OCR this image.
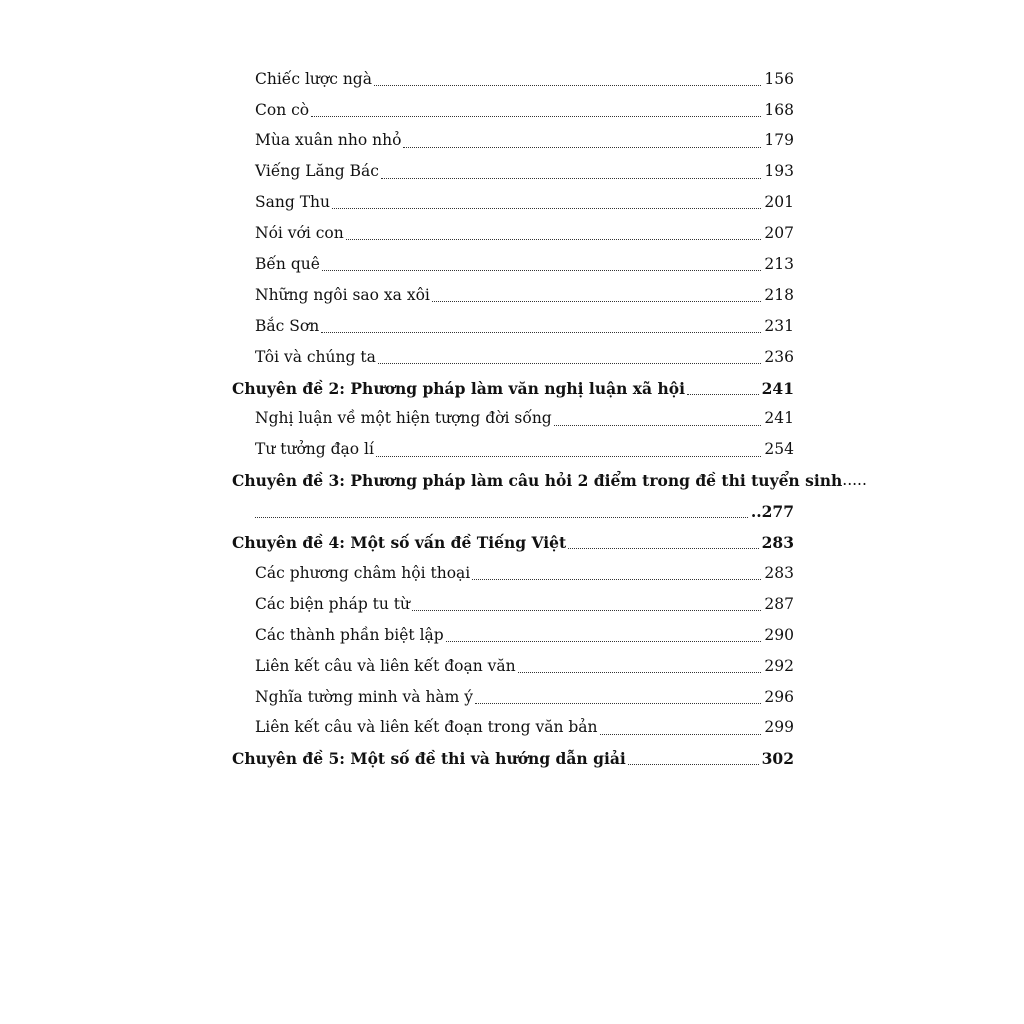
Chiếc lược ngà	156
Con cò	168
Mùa xuân nho nhỏ	179
Viếng Lăng Bác	193
Sang Thu	201
Nói với con	207
Bến quê	213
Những ngôi sao xa xôi	218
Bắc Sơn	231
Tôi và chúng ta	236
Chuyên đề 2: Phương pháp làm văn nghị luận xã hội	241
Nghị luận về một hiện tượng đời sống	241
Tư tưởng đạo lí	254
Chuyên đề 3: Phương pháp làm câu hỏi 2 điểm trong đề thi tuyển sinh .....
..277
Chuyên đề 4: Một số vấn đề Tiếng Việt	283
Các phương châm hội thoại	283
Các biện pháp tu từ	287
Các thành phần biệt lập	290
Liên kết câu và liên kết đoạn văn	292
Nghĩa tường minh và hàm ý	296
Liên kết câu và liên kết đoạn trong văn bản	299
Chuyên đề 5: Một số đề thi và hướng dẫn giải	302
